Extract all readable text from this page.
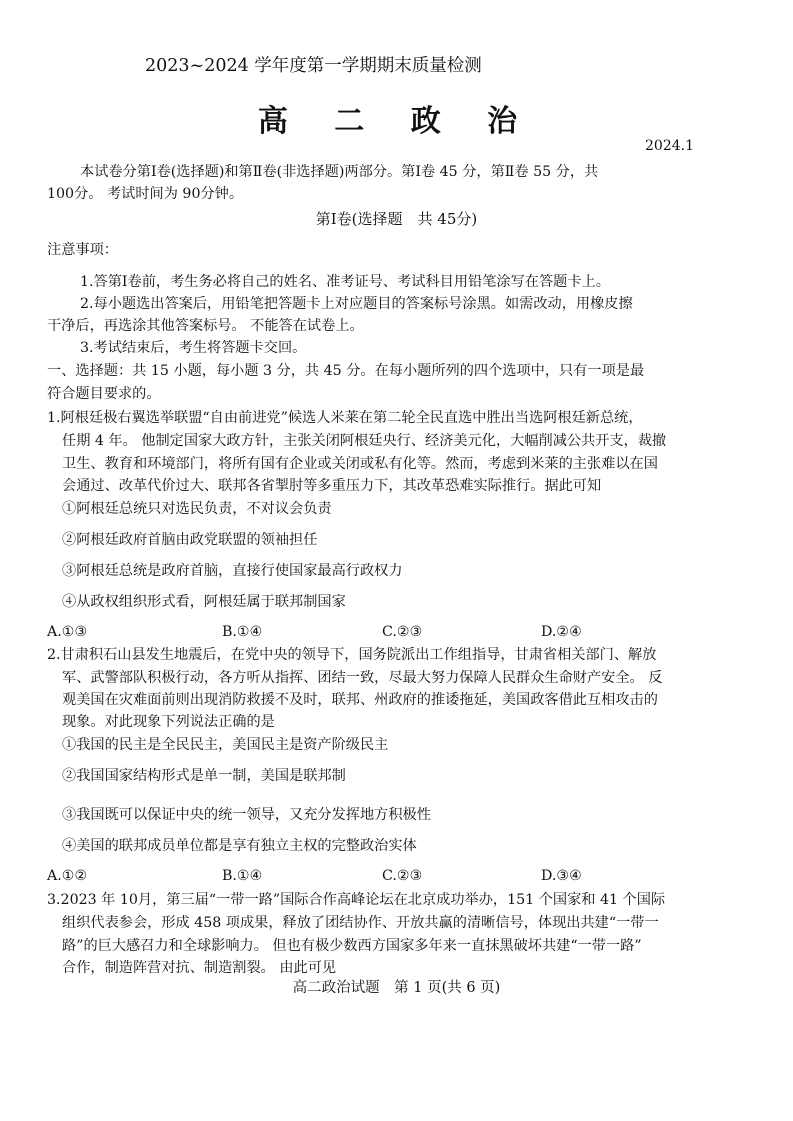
2023~2024 学年度第一学期期末质量检测
高 二 政 治
2024.1
本试卷分第Ⅰ卷(选择题)和第Ⅱ卷(非选择题)两部分。第Ⅰ卷 45 分，第Ⅱ卷 55 分，共
100分。 考试时间为 90分钟。
第Ⅰ卷(选择题　共 45分)
注意事项：
1.答第Ⅰ卷前，考生务必将自己的姓名、准考证号、考试科目用铅笔涂写在答题卡上。
2.每小题选出答案后，用铅笔把答题卡上对应题目的答案标号涂黑。如需改动，用橡皮擦
干净后，再选涂其他答案标号。 不能答在试卷上。
3.考试结束后，考生将答题卡交回。
一、选择题：共 15 小题，每小题 3 分，共 45 分。在每小题所列的四个选项中，只有一项是最
符合题目要求的。
1.阿根廷极右翼选举联盟“自由前进党”候选人米莱在第二轮全民直选中胜出当选阿根廷新总统，
任期 4 年。 他制定国家大政方针，主张关闭阿根廷央行、经济美元化，大幅削减公共开支，裁撤
卫生、教育和环境部门，将所有国有企业或关闭或私有化等。然而，考虑到米莱的主张难以在国
会通过、改革代价过大、联邦各省掣肘等多重压力下，其改革恐难实际推行。据此可知
①阿根廷总统只对选民负责，不对议会负责
②阿根廷政府首脑由政党联盟的领袖担任
③阿根廷总统是政府首脑，直接行使国家最高行政权力
④从政权组织形式看，阿根廷属于联邦制国家
A.①③	B.①④	C.②③	D.②④
2.甘肃积石山县发生地震后，在党中央的领导下，国务院派出工作组指导，甘肃省相关部门、解放
军、武警部队积极行动，各方听从指挥、团结一致，尽最大努力保障人民群众生命财产安全。 反
观美国在灾难面前则出现消防救援不及时，联邦、州政府的推诿拖延，美国政客借此互相攻击的
现象。对此现象下列说法正确的是
①我国的民主是全民民主，美国民主是资产阶级民主
②我国国家结构形式是单一制，美国是联邦制
③我国既可以保证中央的统一领导，又充分发挥地方积极性
④美国的联邦成员单位都是享有独立主权的完整政治实体
A.①②	B.①④	C.②③	D.③④
3.2023 年 10月，第三届“一带一路”国际合作高峰论坛在北京成功举办，151 个国家和 41 个国际
组织代表参会，形成 458 项成果，释放了团结协作、开放共赢的清晰信号，体现出共建“一带一
路”的巨大感召力和全球影响力。 但也有极少数西方国家多年来一直抹黑破坏共建“一带一路”
合作，制造阵营对抗、制造割裂。 由此可见
高二政治试题　第 1 页(共 6 页)
